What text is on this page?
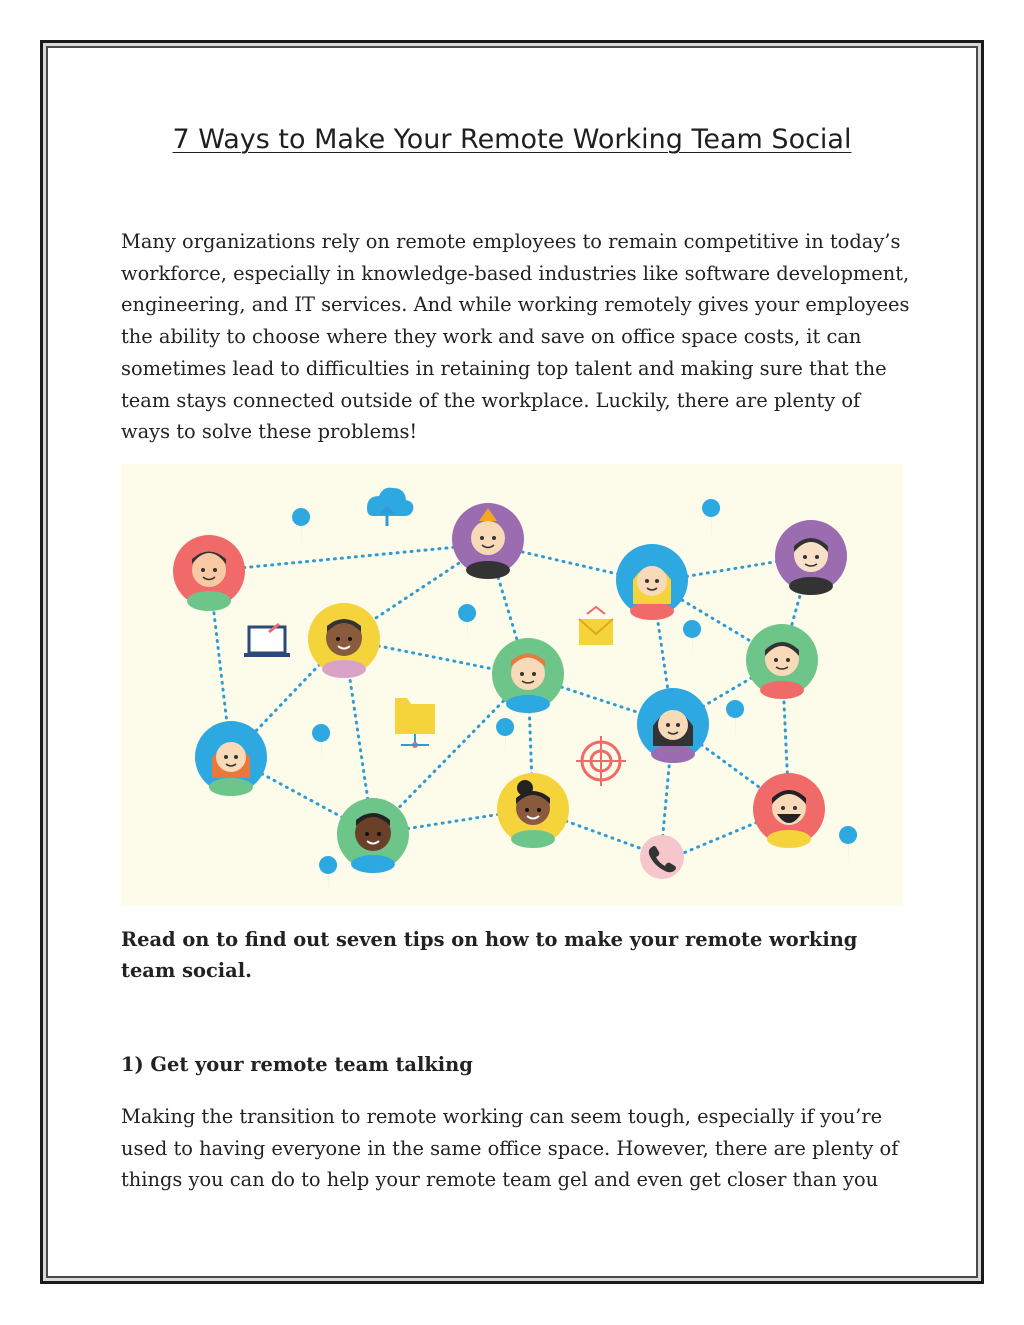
7 Ways to Make Your Remote Working Team Social

Many organizations rely on remote employees to remain competitive in today’s workforce, especially in knowledge-based industries like software development, engineering, and IT services. And while working remotely gives your employees the ability to choose where they work and save on office space costs, it can sometimes lead to difficulties in retaining top talent and making sure that the team stays connected outside of the workplace. Luckily, there are plenty of ways to solve these problems!

Read on to find out seven tips on how to make your remote working team social.

1) Get your remote team talking

Making the transition to remote working can seem tough, especially if you’re used to having everyone in the same office space. However, there are plenty of things you can do to help your remote team gel and even get closer than you
